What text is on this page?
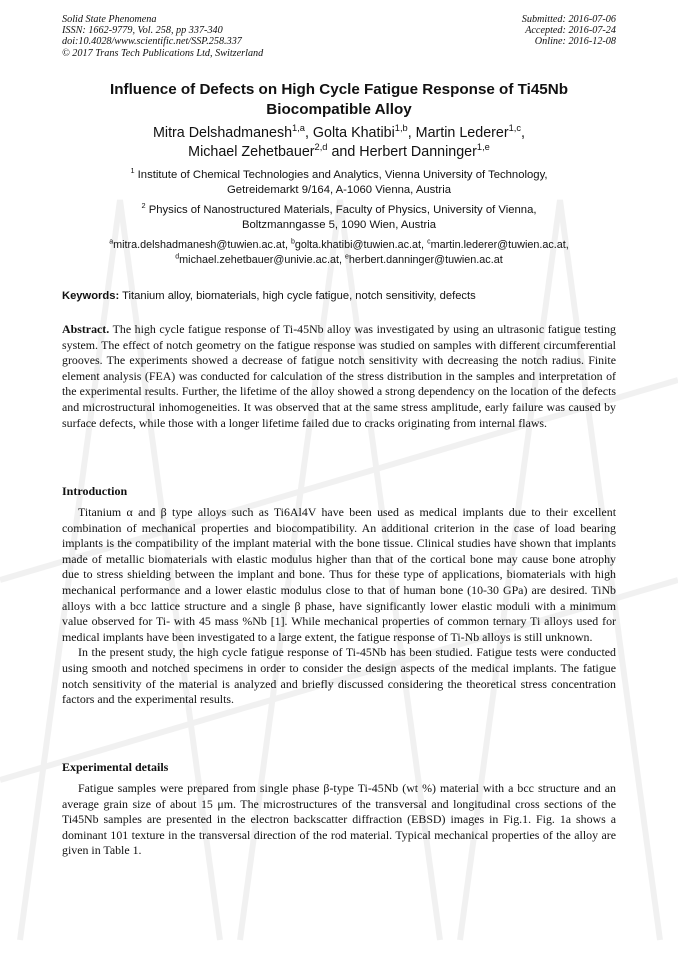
Solid State Phenomena
ISSN: 1662-9779, Vol. 258, pp 337-340
doi:10.4028/www.scientific.net/SSP.258.337
© 2017 Trans Tech Publications Ltd, Switzerland
Submitted: 2016-07-06
Accepted: 2016-07-24
Online: 2016-12-08
Influence of Defects on High Cycle Fatigue Response of Ti45Nb
Biocompatible Alloy
Mitra Delshadmanesh$^{1,a}$, Golta Khatibi$^{1,b}$, Martin Lederer$^{1,c}$,
Michael Zehetbauer$^{2,d}$ and Herbert Danninger$^{1,e}$
$^1$ Institute of Chemical Technologies and Analytics, Vienna University of Technology,
Getreidemarkt 9/164, A-1060 Vienna, Austria
$^2$ Physics of Nanostructured Materials, Faculty of Physics, University of Vienna,
Boltzmanngasse 5, 1090 Wien, Austria
$^a$mitra.delshadmanesh@tuwien.ac.at, $^b$golta.khatibi@tuwien.ac.at, $^c$martin.lederer@tuwien.ac.at,
$^d$michael.zehetbauer@univie.ac.at, $^e$herbert.danninger@tuwien.ac.at
Keywords: Titanium alloy, biomaterials, high cycle fatigue, notch sensitivity, defects

Abstract. The high cycle fatigue response of Ti-45Nb alloy was investigated by using an ultrasonic fatigue testing system. The effect of notch geometry on the fatigue response was studied on samples with different circumferential grooves. The experiments showed a decrease of fatigue notch sensitivity with decreasing the notch radius. Finite element analysis (FEA) was conducted for calculation of the stress distribution in the samples and interpretation of the experimental results. Further, the lifetime of the alloy showed a strong dependency on the location of the defects and microstructural inhomogeneities. It was observed that at the same stress amplitude, early failure was caused by surface defects, while those with a longer lifetime failed due to cracks originating from internal flaws.

Introduction

Titanium α and β type alloys such as Ti6Al4V have been used as medical implants due to their excellent combination of mechanical properties and biocompatibility. An additional criterion in the case of load bearing implants is the compatibility of the implant material with the bone tissue. Clinical studies have shown that implants made of metallic biomaterials with elastic modulus higher than that of the cortical bone may cause bone atrophy due to stress shielding between the implant and bone. Thus for these type of applications, biomaterials with high mechanical performance and a lower elastic modulus close to that of human bone (10-30 GPa) are desired. TiNb alloys with a bcc lattice structure and a single β phase, have significantly lower elastic moduli with a minimum value observed for Ti- with 45 mass %Nb [1]. While mechanical properties of common ternary Ti alloys used for medical implants have been investigated to a large extent, the fatigue response of Ti-Nb alloys is still unknown.

In the present study, the high cycle fatigue response of Ti-45Nb has been studied. Fatigue tests were conducted using smooth and notched specimens in order to consider the design aspects of the medical implants. The fatigue notch sensitivity of the material is analyzed and briefly discussed considering the theoretical stress concentration factors and the experimental results.

Experimental details

Fatigue samples were prepared from single phase β-type Ti-45Nb (wt %) material with a bcc structure and an average grain size of about 15 μm. The microstructures of the transversal and longitudinal cross sections of the Ti45Nb samples are presented in the electron backscatter diffraction (EBSD) images in Fig.1. Fig. 1a shows a dominant 101 texture in the transversal direction of the rod material. Typical mechanical properties of the alloy are given in Table 1.
